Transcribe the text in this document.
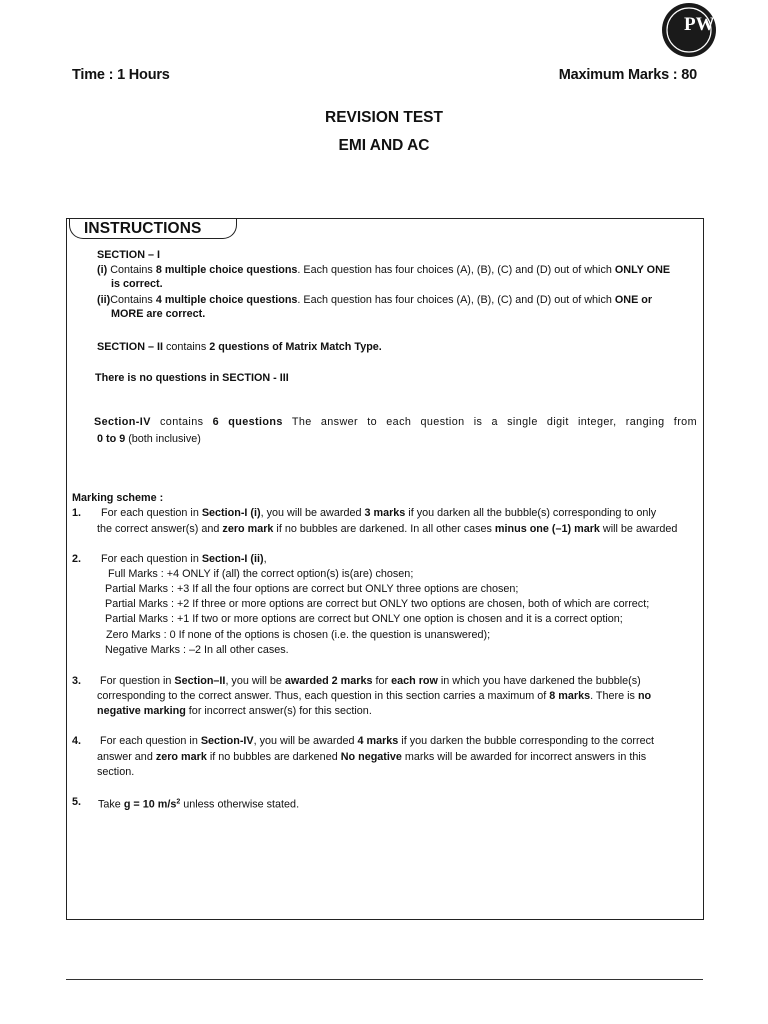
PW
Time : 1 Hours	Maximum Marks : 80
REVISION TEST
EMI AND AC
INSTRUCTIONS
SECTION – I
(i) Contains 8 multiple choice questions. Each question has four choices (A), (B), (C) and (D) out of which ONLY ONE
is correct.
(ii)Contains 4 multiple choice questions. Each question has four choices (A), (B), (C) and (D) out of which ONE or
MORE are correct.
SECTION – II contains 2 questions of Matrix Match Type.
There is no questions in SECTION - III
Section-IV contains 6 questions The answer to each question is a single digit integer, ranging from
0 to 9 (both inclusive)
Marking scheme :
1. For each question in Section-I (i), you will be awarded 3 marks if you darken all the bubble(s) corresponding to only
the correct answer(s) and zero mark if no bubbles are darkened. In all other cases minus one (–1) mark will be awarded
2. For each question in Section-I (ii),
Full Marks : +4 ONLY if (all) the correct option(s) is(are) chosen;
Partial Marks : +3 If all the four options are correct but ONLY three options are chosen;
Partial Marks : +2 If three or more options are correct but ONLY two options are chosen, both of which are correct;
Partial Marks : +1 If two or more options are correct but ONLY one option is chosen and it is a correct option;
Zero Marks : 0 If none of the options is chosen (i.e. the question is unanswered);
Negative Marks : –2 In all other cases.
3. For question in Section–II, you will be awarded 2 marks for each row in which you have darkened the bubble(s)
corresponding to the correct answer. Thus, each question in this section carries a maximum of 8 marks. There is no
negative marking for incorrect answer(s) for this section.
4. For each question in Section-IV, you will be awarded 4 marks if you darken the bubble corresponding to the correct
answer and zero mark if no bubbles are darkened No negative marks will be awarded for incorrect answers in this
section.
5. Take g = 10 $m/s^2$ unless otherwise stated.
